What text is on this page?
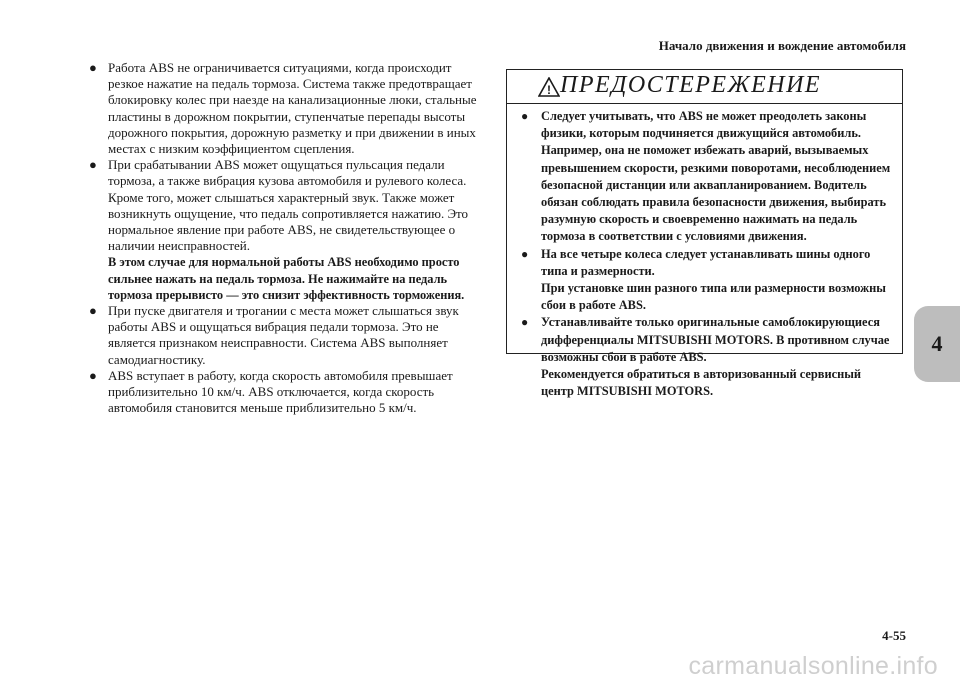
Начало движения и вождение автомобиля
● Работа ABS не ограничивается ситуациями, когда происходит резкое нажатие на педаль тормоза. Система также предотвращает блокировку колес при наезде на канализационные люки, стальные пластины в дорожном покрытии, ступенчатые перепады высоты дорожного покрытия, дорожную разметку и при движении в иных местах с низким коэффициентом сцепления.
● При срабатывании ABS может ощущаться пульсация педали тормоза, а также вибрация кузова автомобиля и рулевого колеса. Кроме того, может слышаться характерный звук. Также может возникнуть ощущение, что педаль сопротивляется нажатию. Это нормальное явление при работе ABS, не свидетельствующее о наличии неисправностей.
В этом случае для нормальной работы ABS необходимо просто сильнее нажать на педаль тормоза. Не нажимайте на педаль тормоза прерывисто — это снизит эффективность торможения.
● При пуске двигателя и трогании с места может слышаться звук работы ABS и ощущаться вибрация педали тормоза. Это не является признаком неисправности. Система ABS выполняет самодиагностику.
● ABS вступает в работу, когда скорость автомобиля превышает приблизительно 10 км/ч. ABS отключается, когда скорость автомобиля становится меньше приблизительно 5 км/ч.
! ПРЕДОСТЕРЕЖЕНИЕ
● Следует учитывать, что ABS не может преодолеть законы физики, которым подчиняется движущийся автомобиль. Например, она не поможет избежать аварий, вызываемых превышением скорости, резкими поворотами, несоблюдением безопасной дистанции или аквапланированием. Водитель обязан соблюдать правила безопасности движения, выбирать разумную скорость и своевременно нажимать на педаль тормоза в соответствии с условиями движения.
● На все четыре колеса следует устанавливать шины одного типа и размерности.
При установке шин разного типа или размерности возможны сбои в работе ABS.
● Устанавливайте только оригинальные самоблокирующиеся дифференциалы MITSUBISHI MOTORS. В противном случае возможны сбои в работе ABS.
Рекомендуется обратиться в авторизованный сервисный центр MITSUBISHI MOTORS.
4
4-55
carmanualsonline.info
